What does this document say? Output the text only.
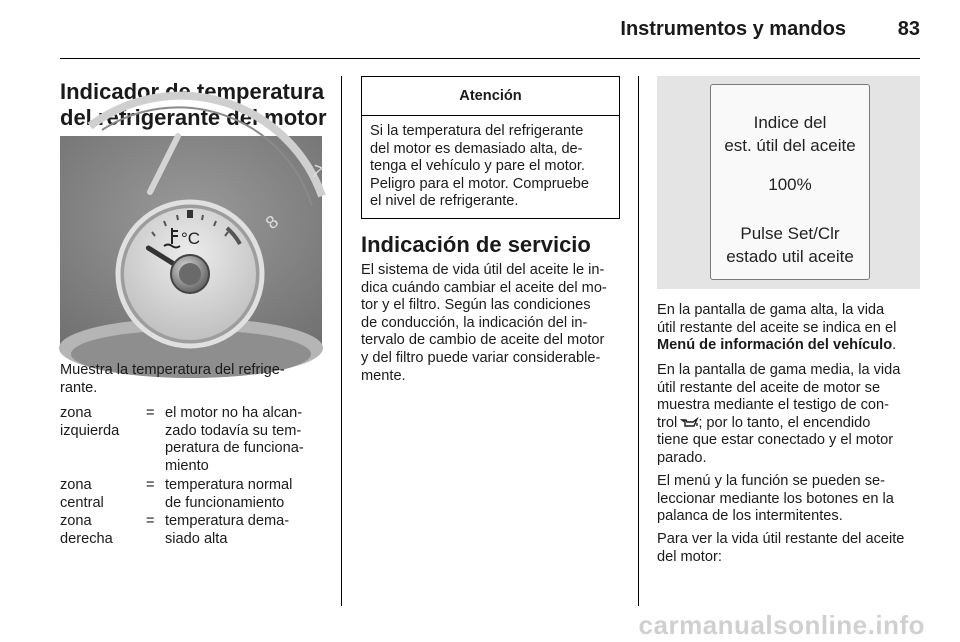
Instrumentos y mandos	83
Indicador de temperatura
del refrigerante del motor
7
8
°C
Muestra la temperatura del refrige-
rante.
zona
izquierda
= el motor no ha alcan-
zado todavía su tem-
peratura de funciona-
miento
zona
central
= temperatura normal
de funcionamiento
zona
derecha
= temperatura dema-
siado alta
Atención
Si la temperatura del refrigerante
del motor es demasiado alta, de-
tenga el vehículo y pare el motor.
Peligro para el motor. Compruebe
el nivel de refrigerante.
Indicación de servicio
El sistema de vida útil del aceite le in-
dica cuándo cambiar el aceite del mo-
tor y el filtro. Según las condiciones
de conducción, la indicación del in-
tervalo de cambio de aceite del motor
y del filtro puede variar considerable-
mente.
Indice del
est. útil del aceite
100%
Pulse Set/Clr
estado util aceite
En la pantalla de gama alta, la vida
útil restante del aceite se indica en el
Menú de información del vehículo.
En la pantalla de gama media, la vida
útil restante del aceite de motor se
muestra mediante el testigo de con-
trol ; por lo tanto, el encendido
tiene que estar conectado y el motor
parado.
El menú y la función se pueden se-
leccionar mediante los botones en la
palanca de los intermitentes.
Para ver la vida útil restante del aceite
del motor:
carmanualsonline.info
